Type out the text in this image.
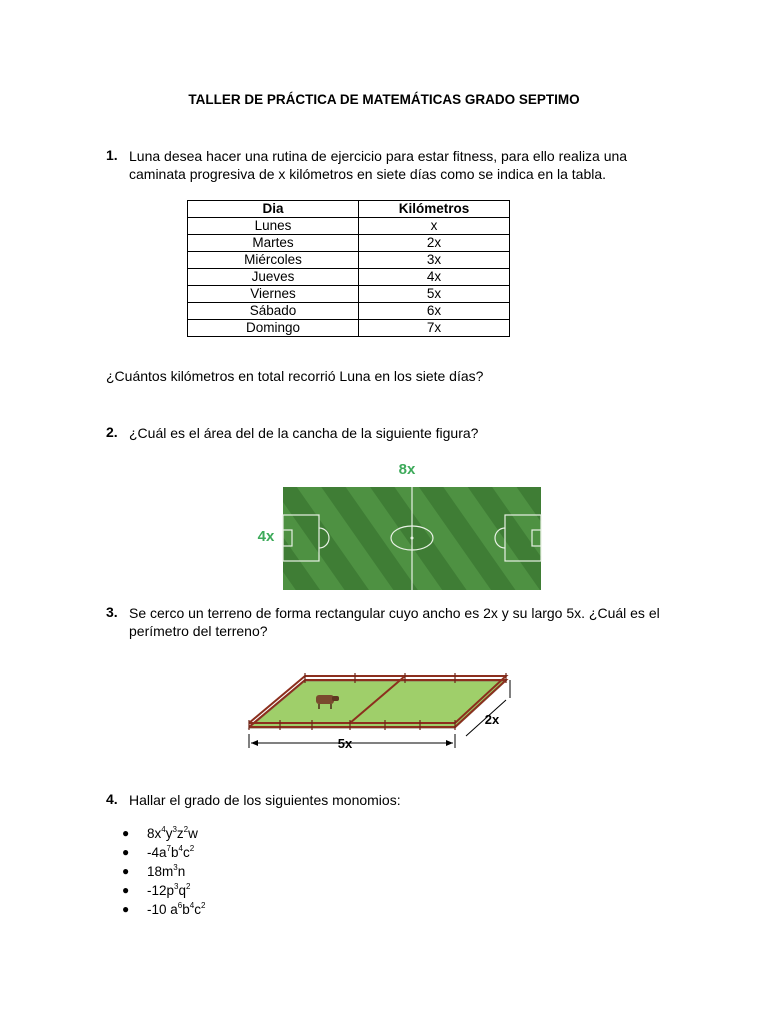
TALLER DE PRÁCTICA DE MATEMÁTICAS GRADO SEPTIMO
1. Luna desea hacer una rutina de ejercicio para estar fitness, para ello realiza una
caminata progresiva de x kilómetros en siete días como se indica en la tabla.
Dia	Kilómetros
Lunes	x
Martes	2x
Miércoles	3x
Jueves	4x
Viernes	5x
Sábado	6x
Domingo	7x
¿Cuántos kilómetros en total recorrió Luna en los siete días?
2. ¿Cuál es el área del de la cancha de la siguiente figura?
8x
4x
3. Se cerco un terreno de forma rectangular cuyo ancho es 2x y su largo 5x. ¿Cuál es el
perímetro del terreno?
5x
2x
4. Hallar el grado de los siguientes monomios:
● $8x^4y^3z^2w$
● $-4a^7b^4c^2$
● $18m^3n$
● $-12p^3q^2$
● -10 $a^6b^4c^2$
